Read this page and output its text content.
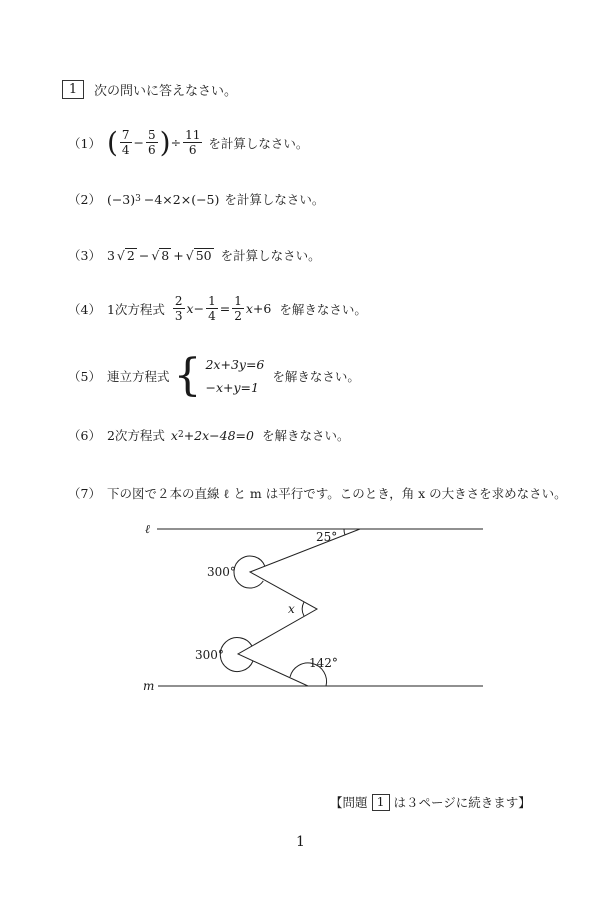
1	次の問いに答えなさい。
（1） ( $\frac{7}{4} - \frac{5}{6}$ ) ÷ $\frac{11}{6}$ を計算しなさい。
（2） (−3) 3 −4×2×(−5) を計算しなさい。
（3） 3 √ 2 − √ 8 + √ 50 を計算しなさい。
（4） 1次方程式 $\frac{2}{3}$ $x - \frac{1}{4} = \frac{1}{2}$ x +6 を解きなさい。
（5） 連立方程式 { 2x+3y=6
−x+y=1
を解きなさい。
（6） 2次方程式 x 2 +2x−48=0 を解きなさい。
（7） 下の図で２本の直線 ℓ と m は平行です。このとき，角 x の大きさを求めなさい。
ℓ
m
25°
300°
x
300°
142°
【問題 1 は３ページに続きます】
1
